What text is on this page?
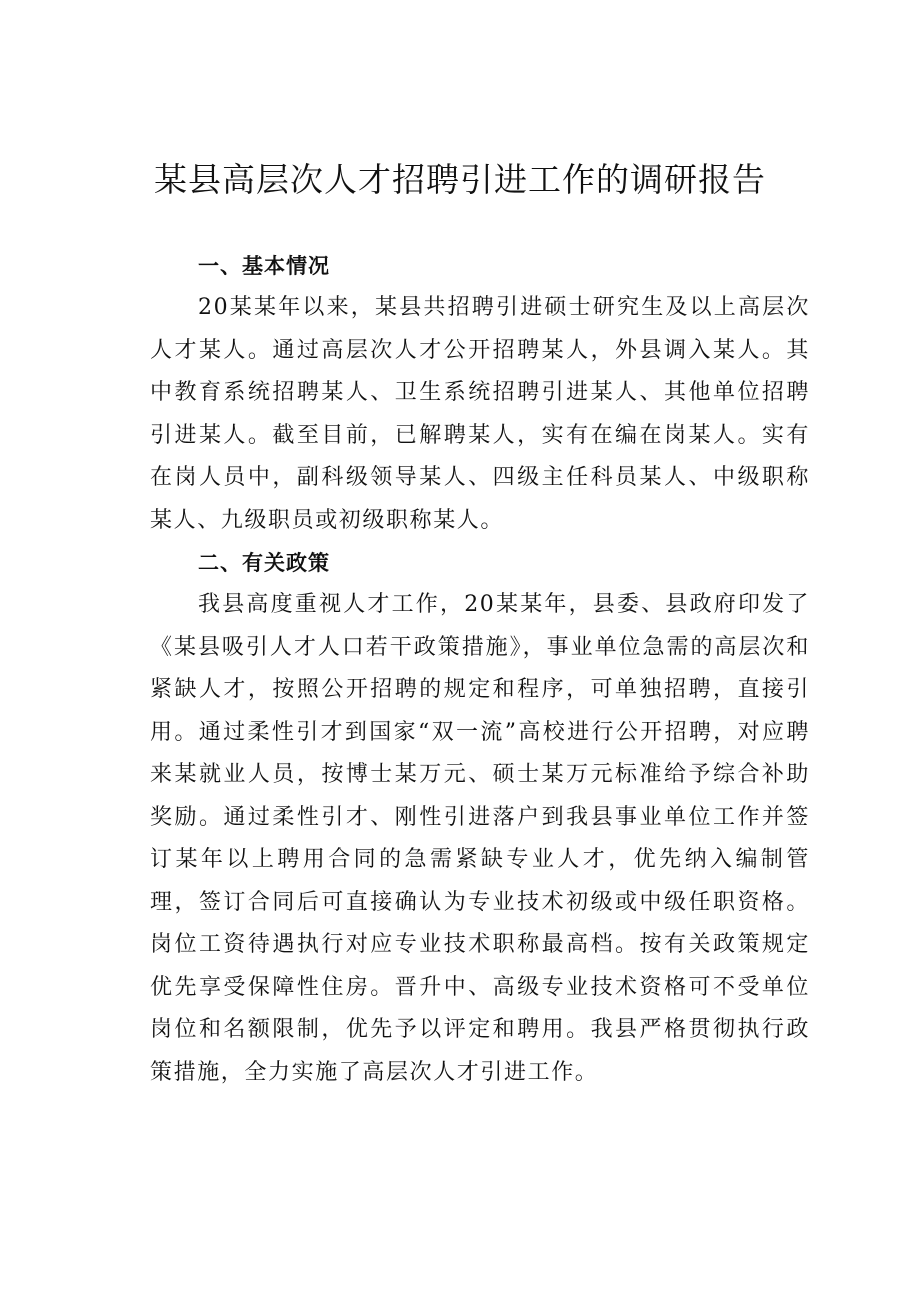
某县高层次人才招聘引进工作的调研报告
一、基本情况

20某某年以来，某县共招聘引进硕士研究生及以上高层次人才某人。通过高层次人才公开招聘某人，外县调入某人。其中教育系统招聘某人、卫生系统招聘引进某人、其他单位招聘引进某人。截至目前，已解聘某人，实有在编在岗某人。实有在岗人员中，副科级领导某人、四级主任科员某人、中级职称某人、九级职员或初级职称某人。

二、有关政策

我县高度重视人才工作，20某某年，县委、县政府印发了《某县吸引人才人口若干政策措施》，事业单位急需的高层次和紧缺人才，按照公开招聘的规定和程序，可单独招聘，直接引用。通过柔性引才到国家“双一流”高校进行公开招聘，对应聘来某就业人员，按博士某万元、硕士某万元标准给予综合补助奖励。通过柔性引才、刚性引进落户到我县事业单位工作并签订某年以上聘用合同的急需紧缺专业人才，优先纳入编制管理，签订合同后可直接确认为专业技术初级或中级任职资格。岗位工资待遇执行对应专业技术职称最高档。按有关政策规定优先享受保障性住房。晋升中、高级专业技术资格可不受单位岗位和名额限制，优先予以评定和聘用。我县严格贯彻执行政策措施，全力实施了高层次人才引进工作。
